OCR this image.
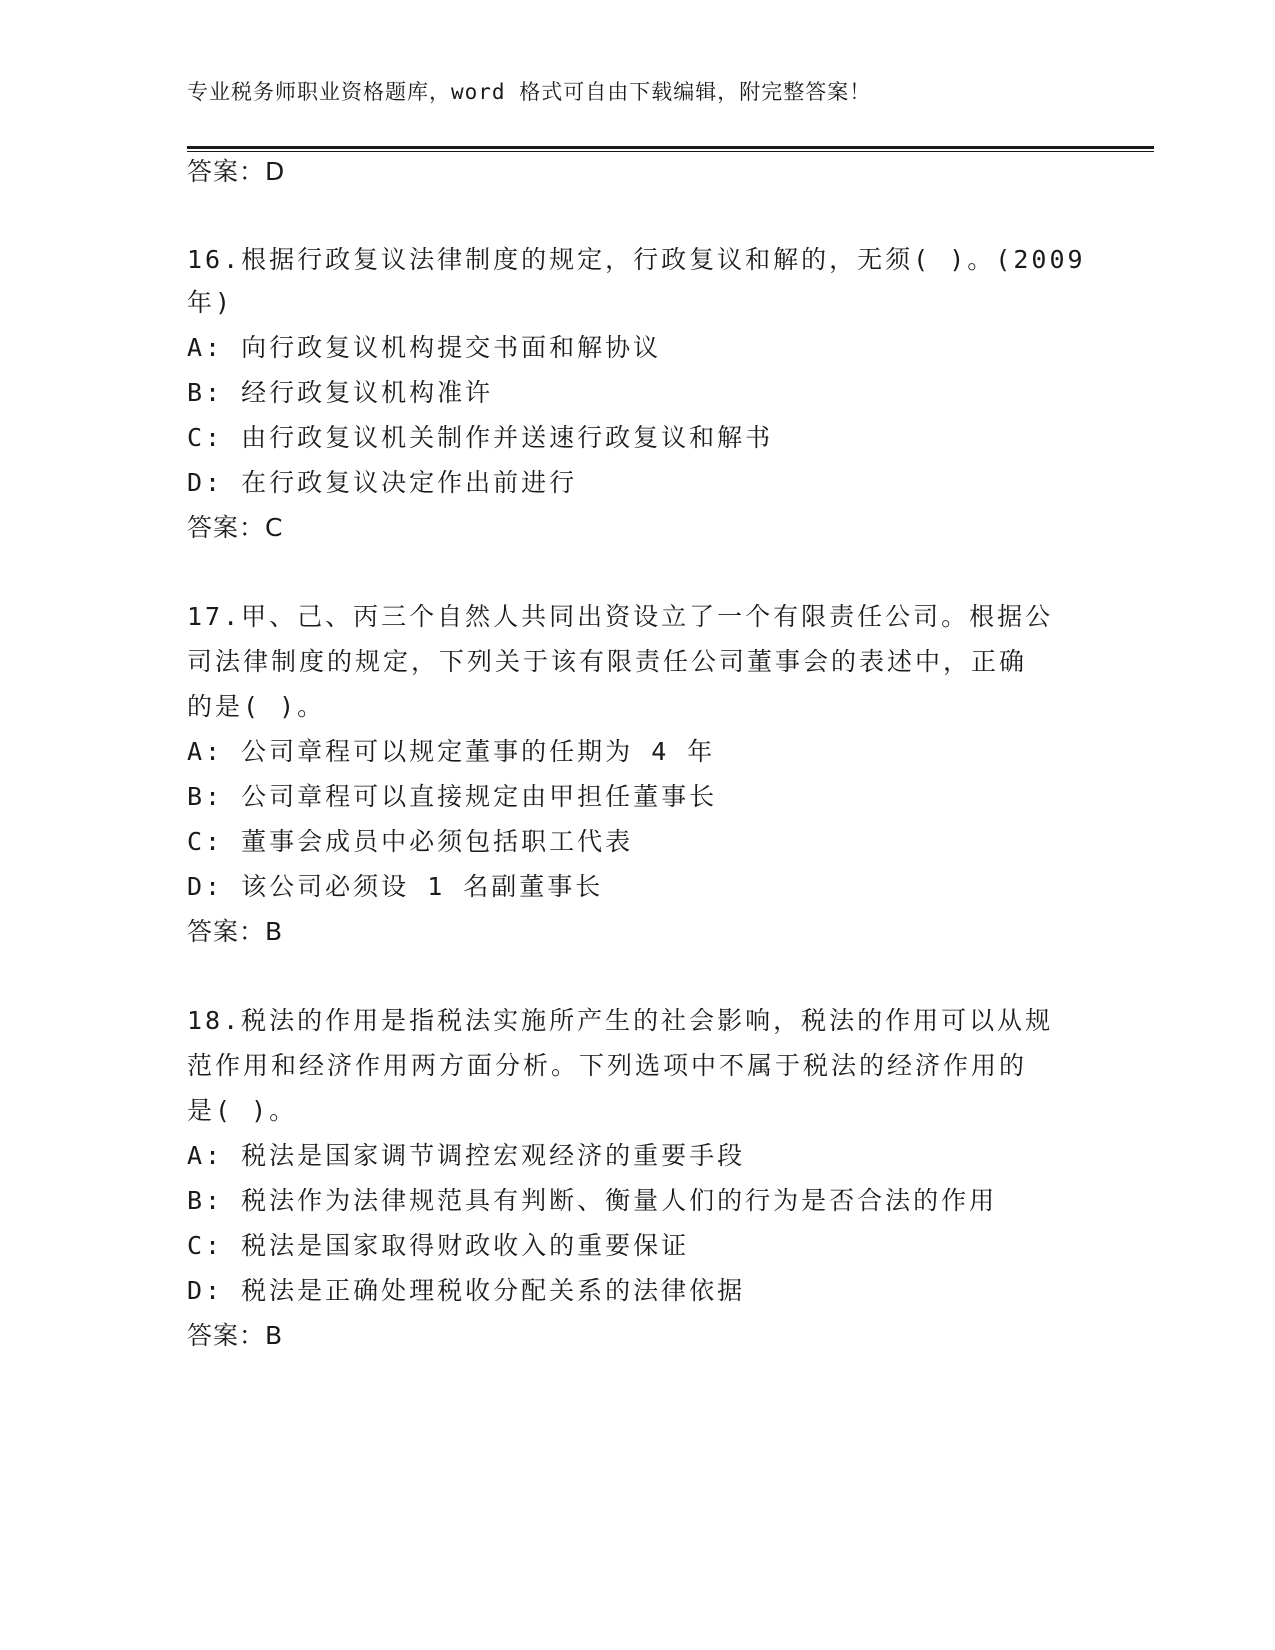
专业税务师职业资格题库，word 格式可自由下载编辑，附完整答案！
答案：D
16.根据行政复议法律制度的规定，行政复议和解的，无须( )。(2009
年)
A: 向行政复议机构提交书面和解协议
B: 经行政复议机构准许
C: 由行政复议机关制作并送速行政复议和解书
D: 在行政复议决定作出前进行
答案：C
17.甲、己、丙三个自然人共同出资设立了一个有限责任公司。根据公
司法律制度的规定，下列关于该有限责任公司董事会的表述中，正确
的是( )。
A: 公司章程可以规定董事的任期为 4 年
B: 公司章程可以直接规定由甲担任董事长
C: 董事会成员中必须包括职工代表
D: 该公司必须设 1 名副董事长
答案：B
18.税法的作用是指税法实施所产生的社会影响，税法的作用可以从规
范作用和经济作用两方面分析。下列选项中不属于税法的经济作用的
是( )。
A: 税法是国家调节调控宏观经济的重要手段
B: 税法作为法律规范具有判断、衡量人们的行为是否合法的作用
C: 税法是国家取得财政收入的重要保证
D: 税法是正确处理税收分配关系的法律依据
答案：B
